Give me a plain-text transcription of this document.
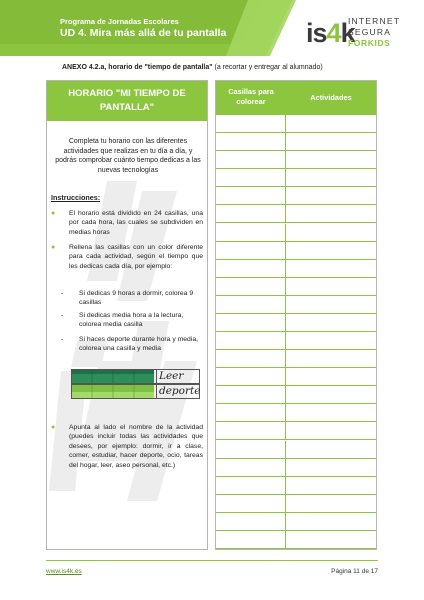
Programa de Jornadas Escolares
UD 4. Mira más allá de tu pantalla	is4k
INTERNET
SEGURA
FORKIDS
ANEXO 4.2.a, horario de "tiempo de pantalla" (a recortar y entregar al alumnado)
HORARIO "MI TIEMPO DE PANTALLA"
Completa tu horario con las diferentes actividades que realizas en tu día a día, y podrás comprobar cuánto tiempo dedicas a las nuevas tecnologías
Instrucciones:
● El horario está dividido en 24 casillas, una por cada hora, las cuales se subdividen en medias horas
● Rellena las casillas con un color diferente para cada actividad, según el tiempo que les dedicas cada día, por ejemplo:
- Si dedicas 9 horas a dormir, colorea 9 casillas
- Si dedicas media hora a la lectura, colorea media casilla
- Si haces deporte durante hora y media, colorea una casilla y media
Leer
deporte
● Apunta al lado el nombre de la actividad (puedes incluir todas las actividades que desees, por ejemplo: dormir, ir a clase, comer, estudiar, hacer deporte, ocio, tareas del hogar, leer, aseo personal, etc.)
Casillas para colorear	Actividades
www.is4k.es	Página 11 de 17
